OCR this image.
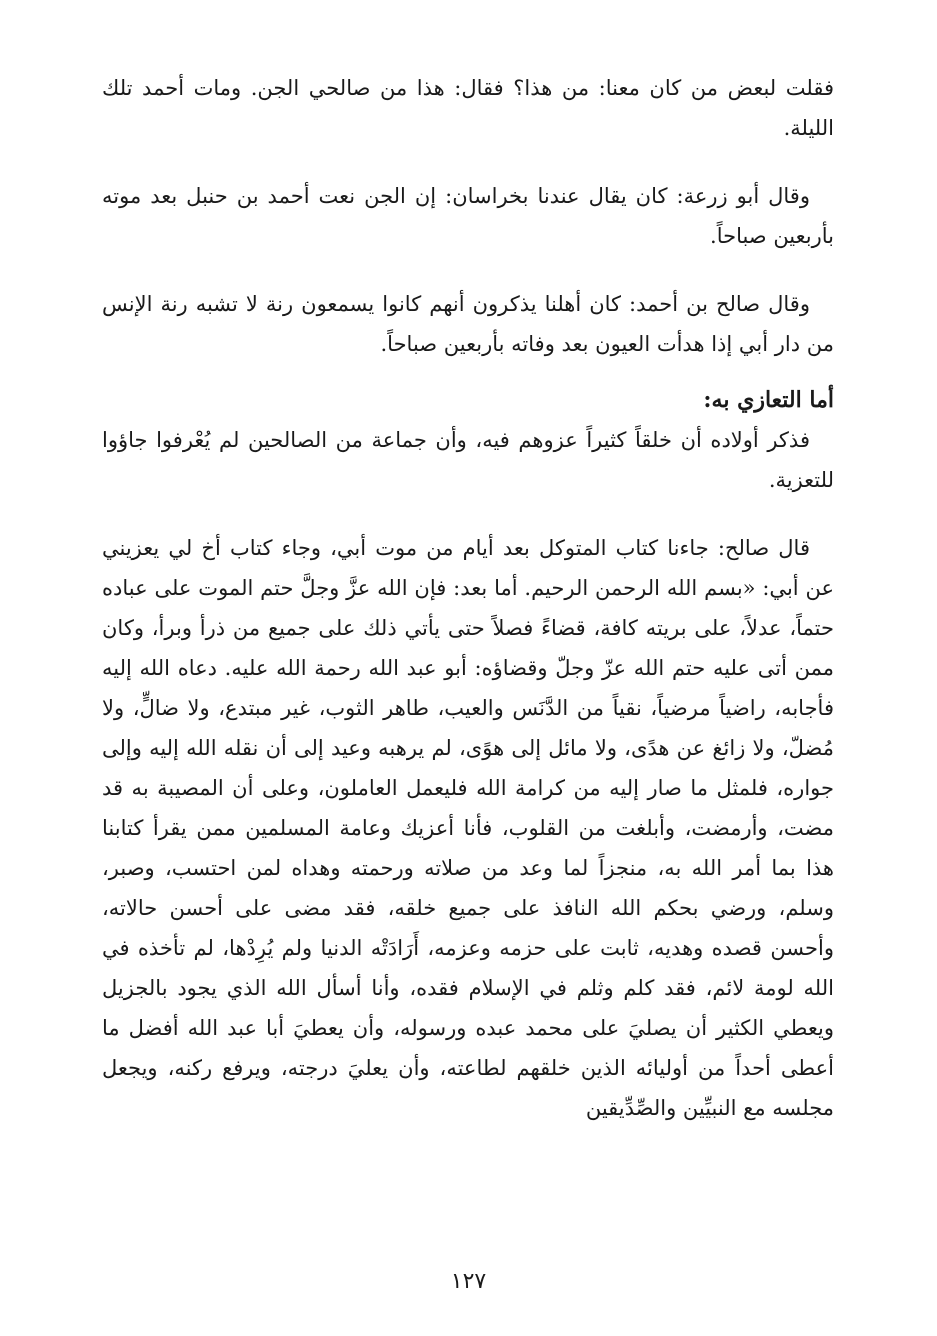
فقلت لبعض من كان معنا: من هذا؟ فقال: هذا من صالحي الجن. ومات أحمد تلك الليلة.

وقال أبو زرعة: كان يقال عندنا بخراسان: إن الجن نعت أحمد بن حنبل بعد موته بأربعين صباحاً.

وقال صالح بن أحمد: كان أهلنا يذكرون أنهم كانوا يسمعون رنة لا تشبه رنة الإنس من دار أبي إذا هدأت العيون بعد وفاته بأربعين صباحاً.

أما التعازي به:

فذكر أولاده أن خلقاً كثيراً عزوهم فيه، وأن جماعة من الصالحين لم يُعْرفوا جاؤوا للتعزية.

قال صالح: جاءنا كتاب المتوكل بعد أيام من موت أبي، وجاء كتاب أخ لي يعزيني عن أبي: «بسم الله الرحمن الرحيم. أما بعد: فإن الله عزَّ وجلَّ حتم الموت على عباده حتماً، عدلاً، على بريته كافة، قضاءً فصلاً حتى يأتي ذلك على جميع من ذرأ وبرأ، وكان ممن أتى عليه حتم الله عزّ وجلّ وقضاؤه: أبو عبد الله رحمة الله عليه. دعاه الله إليه فأجابه، راضياً مرضياً، نقياً من الدَّنَس والعيب، طاهر الثوب، غير مبتدع، ولا ضالٍّ، ولا مُضلّ، ولا زائغ عن هدًى، ولا مائل إلى هوًى، لم يرهبه وعيد إلى أن نقله الله إليه وإلى جواره، فلمثل ما صار إليه من كرامة الله فليعمل العاملون، وعلى أن المصيبة به قد مضت، وأرمضت، وأبلغت من القلوب، فأنا أعزيك وعامة المسلمين ممن يقرأ كتابنا هذا بما أمر الله به، منجزاً لما وعد من صلاته ورحمته وهداه لمن احتسب، وصبر، وسلم، ورضي بحكم الله النافذ على جميع خلقه، فقد مضى على أحسن حالاته، وأحسن قصده وهديه، ثابت على حزمه وعزمه، أَرَادَتْه الدنيا ولم يُرِدْها، لم تأخذه في الله لومة لائم، فقد كلم وثلم في الإسلام فقده، وأنا أسأل الله الذي يجود بالجزيل ويعطي الكثير أن يصليَ على محمد عبده ورسوله، وأن يعطيَ أبا عبد الله أفضل ما أعطى أحداً من أوليائه الذين خلقهم لطاعته، وأن يعليَ درجته، ويرفع ركنه، ويجعل مجلسه مع النبيِّين والصِّدِّيقين

١٢٧
